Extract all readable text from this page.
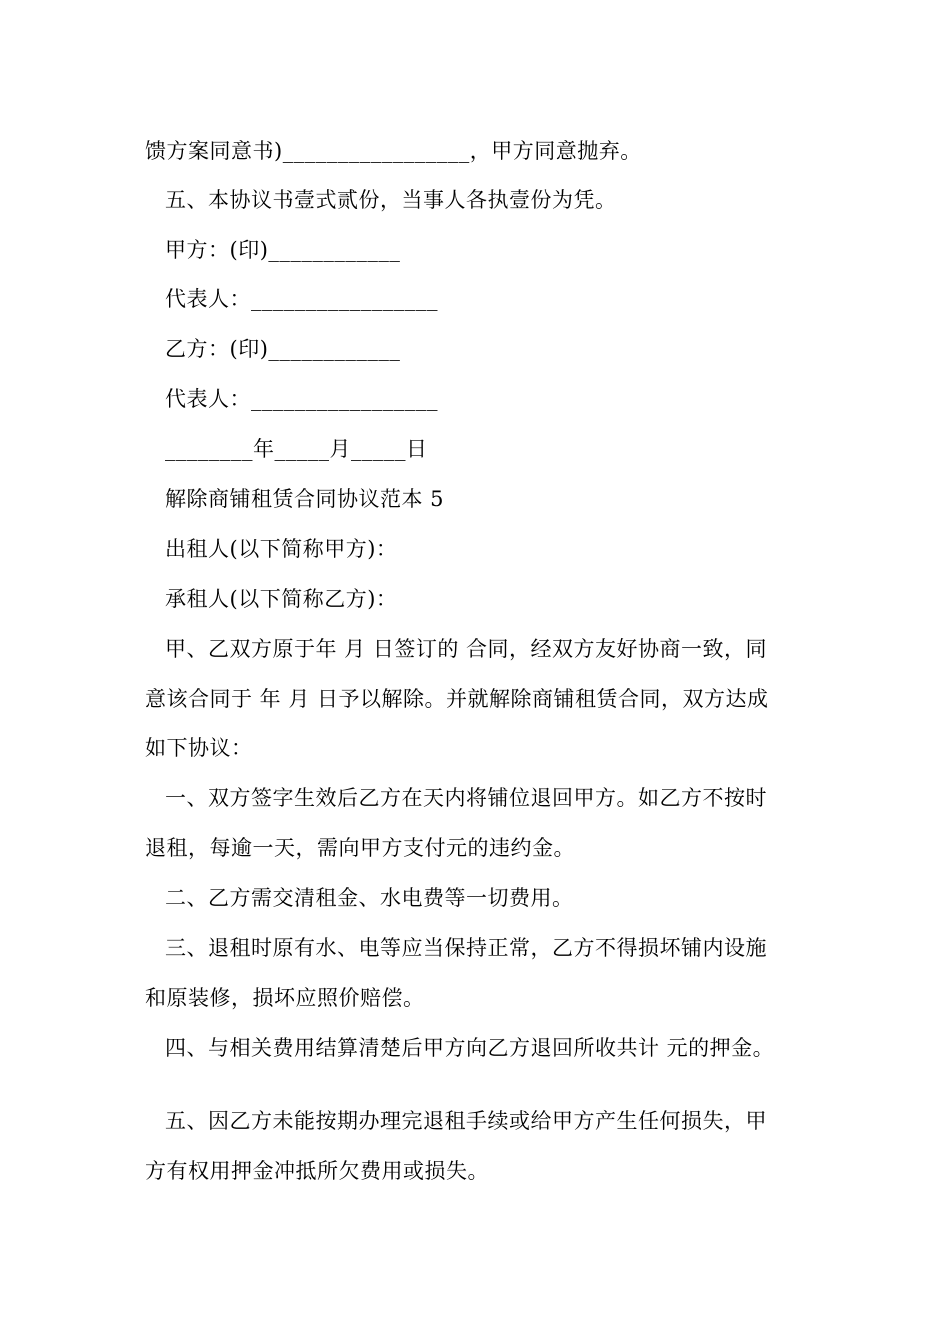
馈方案同意书)_________________，甲方同意抛弃。
五、本协议书壹式贰份，当事人各执壹份为凭。
甲方：(印)____________
代表人：_________________
乙方：(印)____________
代表人：_________________
________年_____月_____日
解除商铺租赁合同协议范本 5
出租人(以下简称甲方)：
承租人(以下简称乙方)：
甲、乙双方原于年 月 日签订的 合同，经双方友好协商一致，同
意该合同于 年 月 日予以解除。并就解除商铺租赁合同，双方达成
如下协议：
一、双方签字生效后乙方在天内将铺位退回甲方。如乙方不按时
退租，每逾一天，需向甲方支付元的违约金。
二、乙方需交清租金、水电费等一切费用。
三、退租时原有水、电等应当保持正常，乙方不得损坏铺内设施
和原装修，损坏应照价赔偿。
四、与相关费用结算清楚后甲方向乙方退回所收共计 元的押金。
五、因乙方未能按期办理完退租手续或给甲方产生任何损失，甲
方有权用押金冲抵所欠费用或损失。
